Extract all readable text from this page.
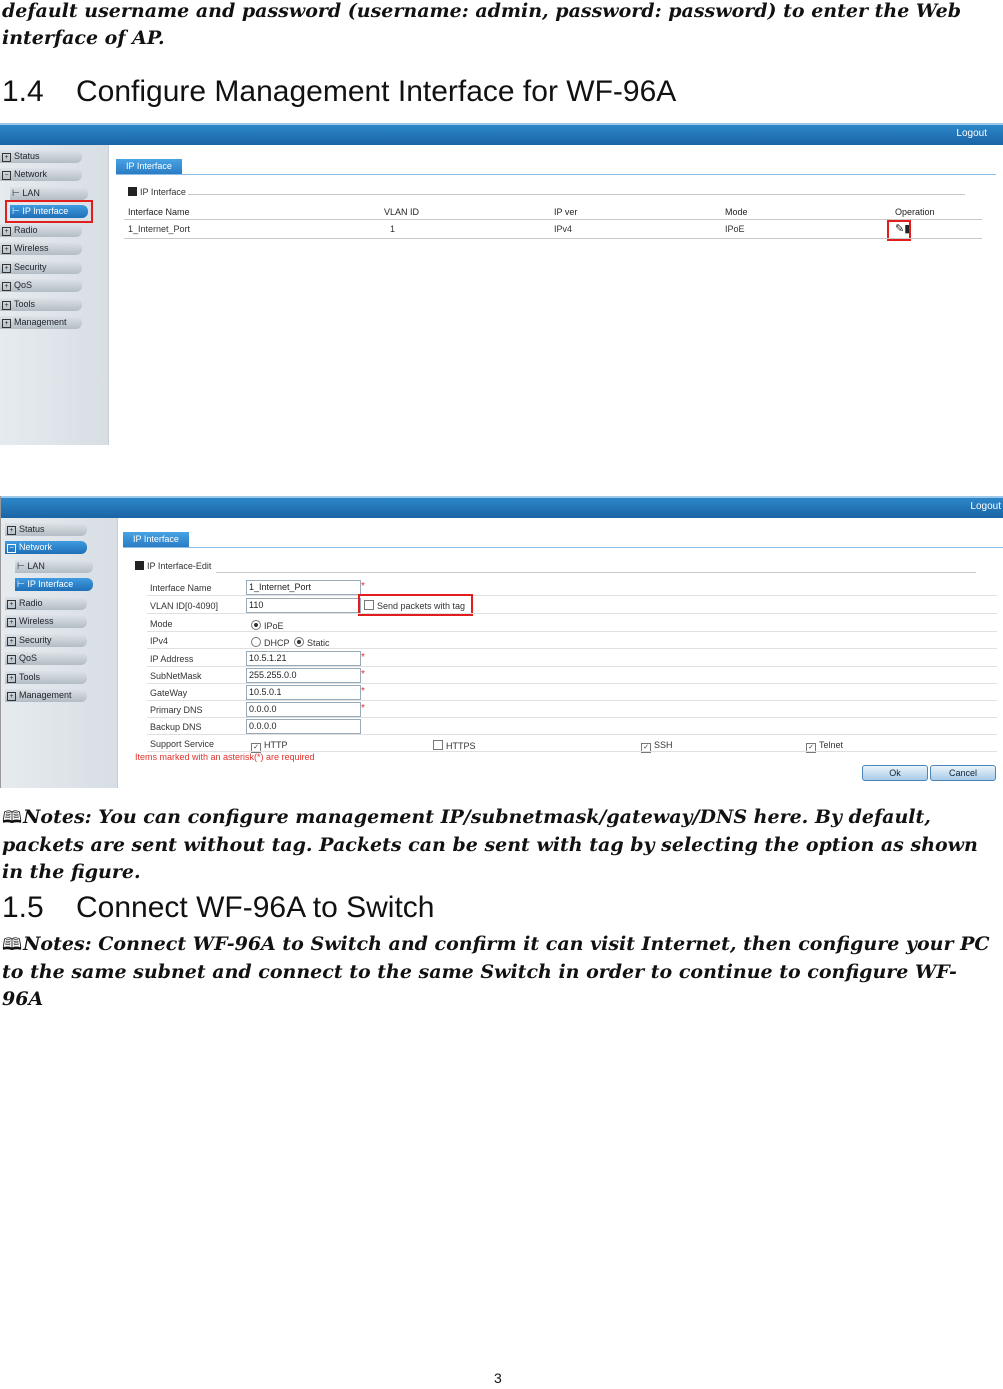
default username and password (username: admin, password: password) to enter the Web interface of AP.
1.4 Configure Management Interface for WF-96A
Logout
+ Status
− Network
⊢ LAN
⊢ IP Interface
+ Radio
+ Wireless
+ Security
+ QoS
+ Tools
+ Management
IP Interface
IP Interface
Interface Name	VLAN ID	IP ver	Mode	Operation
1_Internet_Port	1	IPv4	IPoE	✎▮
Logout
+ Status
− Network
⊢ LAN
⊢ IP Interface
+ Radio
+ Wireless
+ Security
+ QoS
+ Tools
+ Management
IP Interface
IP Interface-Edit
Interface Name	1_Internet_Port	*
VLAN ID[0-4090]	110	Send packets with tag
Mode	IPoE
IPv4	DHCP	Static
IP Address	10.5.1.21	*
SubNetMask	255.255.0.0	*
GateWay	10.5.0.1	*
Primary DNS	0.0.0.0	*
Backup DNS	0.0.0.0
Support Service	✓ HTTP	HTTPS	✓ SSH	✓ Telnet
Items marked with an asterisk(*) are required
Ok	Cancel
🕮Notes: You can configure management IP/subnetmask/gateway/DNS here. By default, packets are sent without tag. Packets can be sent with tag by selecting the option as shown in the figure.
1.5 Connect WF-96A to Switch
🕮Notes: Connect WF-96A to Switch and confirm it can visit Internet, then configure your PC to the same subnet and connect to the same Switch in order to continue to configure WF-96A
3
